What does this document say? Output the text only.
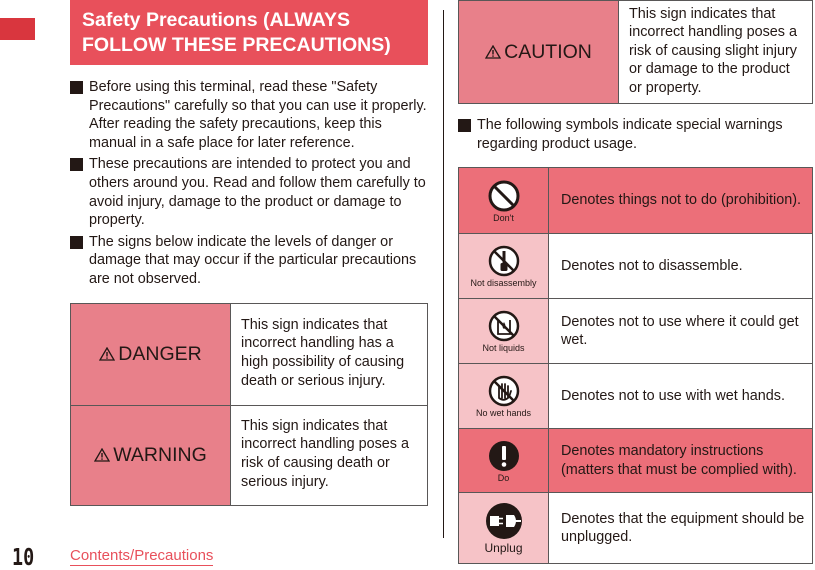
Safety Precautions (ALWAYS FOLLOW THESE PRECAUTIONS)
Before using this terminal, read these "Safety Precautions" carefully so that you can use it properly. After reading the safety precautions, keep this manual in a safe place for later reference.
These precautions are intended to protect you and others around you. Read and follow them carefully to avoid injury, damage to the product or damage to property.
The signs below indicate the levels of danger or damage that may occur if the particular precautions are not observed.
DANGER	This sign indicates that incorrect handling has a high possibility of causing death or serious injury.
WARNING	This sign indicates that incorrect handling poses a risk of causing death or serious injury.
CAUTION	This sign indicates that incorrect handling poses a risk of causing slight injury or damage to the product or property.
The following symbols indicate special warnings regarding product usage.
Don't	Denotes things not to do (prohibition).

Not disassembly	Denotes not to disassemble.

Not liquids	Denotes not to use where it could get wet.

No wet hands	Denotes not to use with wet hands.

Do	Denotes mandatory instructions (matters that must be complied with).

Unplug	Denotes that the equipment should be unplugged.
10 Contents/Precautions
